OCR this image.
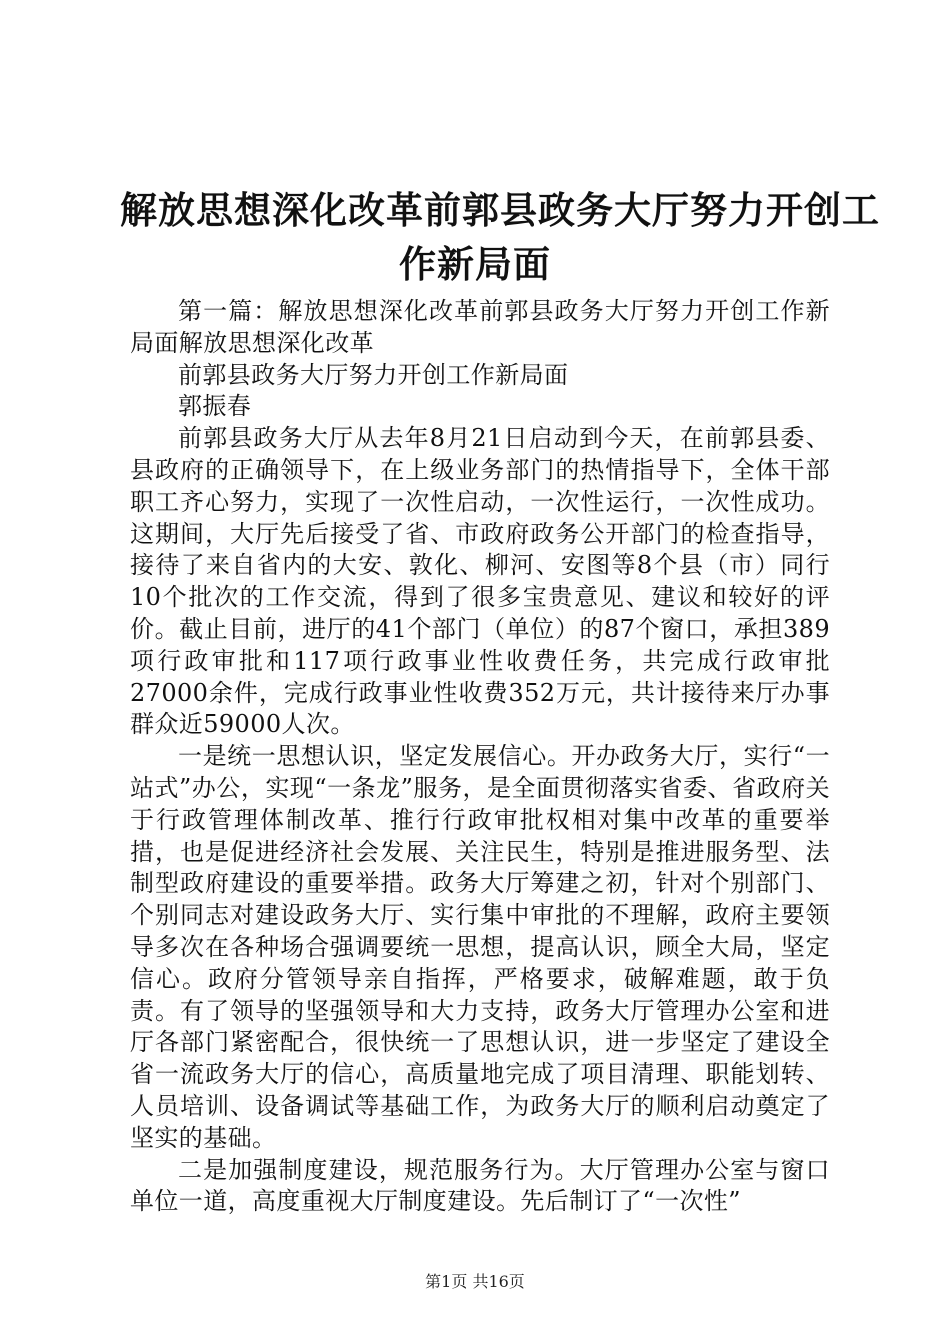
解放思想深化改革前郭县政务大厅努力开创工
作新局面

第一篇：解放思想深化改革前郭县政务大厅努力开创工作新局面解放思想深化改革

前郭县政务大厅努力开创工作新局面

郭振春

前郭县政务大厅从去年8月21日启动到今天，在前郭县委、县政府的正确领导下，在上级业务部门的热情指导下，全体干部职工齐心努力，实现了一次性启动，一次性运行，一次性成功。这期间，大厅先后接受了省、市政府政务公开部门的检查指导，接待了来自省内的大安、敦化、柳河、安图等8个县（市）同行10个批次的工作交流，得到了很多宝贵意见、建议和较好的评价。截止目前，进厅的41个部门（单位）的87个窗口，承担389项行政审批和117项行政事业性收费任务，共完成行政审批27000余件，完成行政事业性收费352万元，共计接待来厅办事群众近59000人次。

一是统一思想认识，坚定发展信心。开办政务大厅，实行“一站式”办公，实现“一条龙”服务，是全面贯彻落实省委、省政府关于行政管理体制改革、推行行政审批权相对集中改革的重要举措，也是促进经济社会发展、关注民生，特别是推进服务型、法制型政府建设的重要举措。政务大厅筹建之初，针对个别部门、个别同志对建设政务大厅、实行集中审批的不理解，政府主要领导多次在各种场合强调要统一思想，提高认识，顾全大局，坚定信心。政府分管领导亲自指挥，严格要求，破解难题，敢于负责。有了领导的坚强领导和大力支持，政务大厅管理办公室和进厅各部门紧密配合，很快统一了思想认识，进一步坚定了建设全省一流政务大厅的信心，高质量地完成了项目清理、职能划转、人员培训、设备调试等基础工作，为政务大厅的顺利启动奠定了坚实的基础。

二是加强制度建设，规范服务行为。大厅管理办公室与窗口单位一道，高度重视大厅制度建设。先后制订了“一次性”

第1页 共16页
